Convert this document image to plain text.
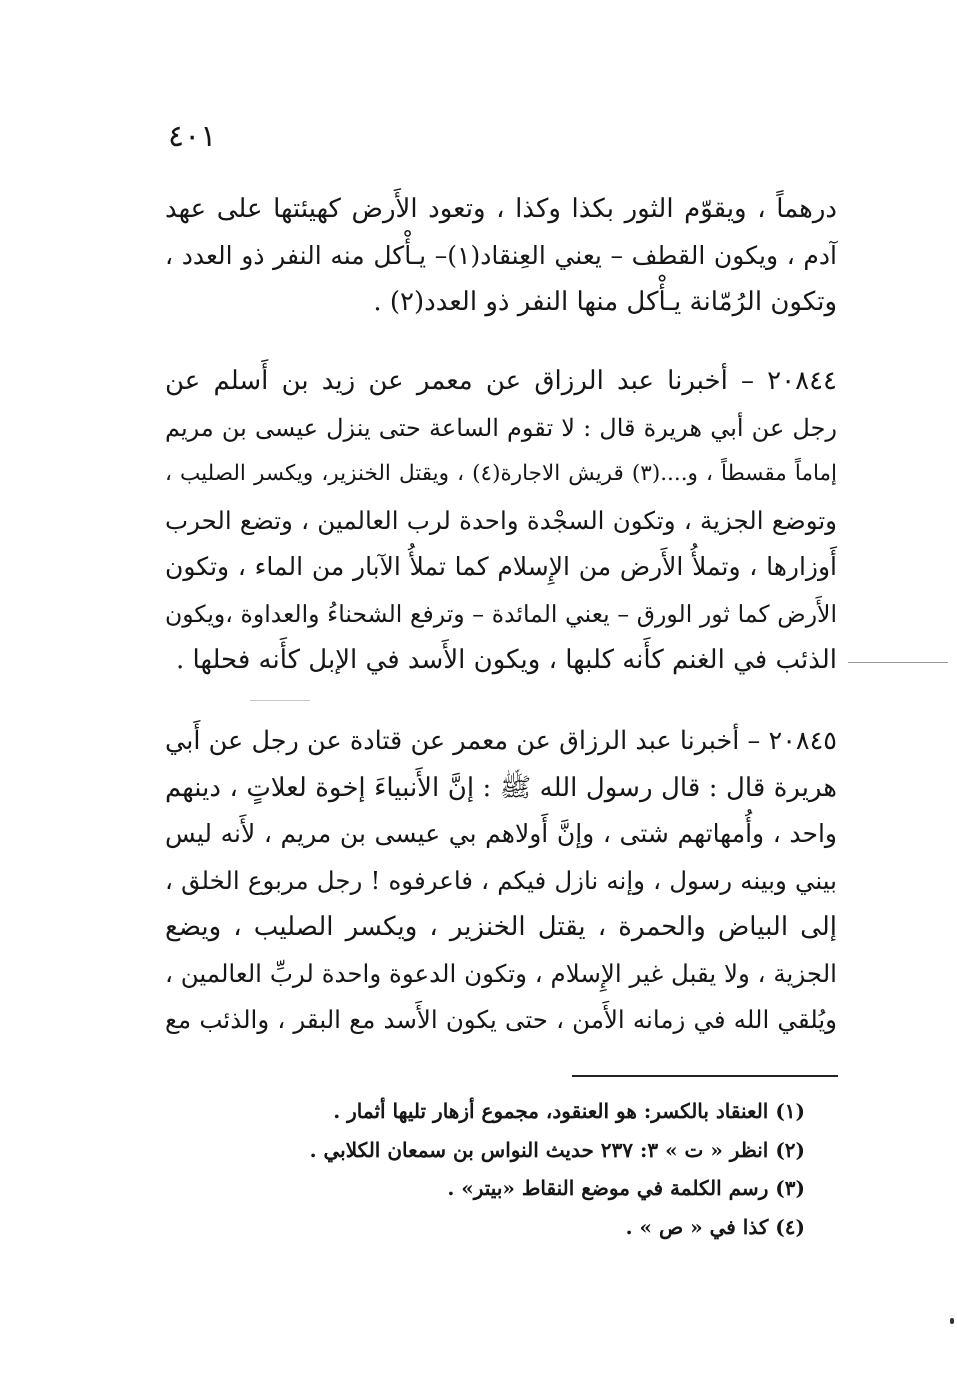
٤٠١
درهماً ، ويقوّم الثور بكذا وكذا ، وتعود الأَرض كهيئتها على عهد
آدم ، ويكون القطف – يعني العِنقاد(١)– يـأْكل منه النفر ذو العدد ،
وتكون الرُمّانة يـأْكل منها النفر ذو العدد(٢) .
٢٠٨٤٤ – أخبرنا عبد الرزاق عن معمر عن زيد بن أَسلم عن
رجل عن أبي هريرة قال : لا تقوم الساعة حتى ينزل عيسى بن مريم
إماماً مقسطاً ، و....(٣) قريش الاجارة(٤) ، ويقتل الخنزير، ويكسر الصليب ،
وتوضع الجزية ، وتكون السجْدة واحدة لرب العالمين ، وتضع الحرب
أَوزارها ، وتملأُ الأَرض من الإِسلام كما تملأُ الآبار من الماء ، وتكون
الأَرض كما ثور الورق – يعني المائدة – وترفع الشحناءُ والعداوة ،ويكون
الذئب في الغنم كأَنه كلبها ، ويكون الأَسد في الإبل كأَنه فحلها .
٢٠٨٤٥ – أخبرنا عبد الرزاق عن معمر عن قتادة عن رجل عن أَبي
هريرة قال : قال رسول الله ﷺ : إنَّ الأَنبياءَ إخوة لعلاتٍ ، دينهم
واحد ، وأُمهاتهم شتى ، وإنَّ أَولاهم بي عيسى بن مريم ، لأَنه ليس
بيني وبينه رسول ، وإنه نازل فيكم ، فاعرفوه ! رجل مربوع الخلق ،
إلى البياض والحمرة ، يقتل الخنزير ، ويكسر الصليب ، ويضع
الجزية ، ولا يقبل غير الإِسلام ، وتكون الدعوة واحدة لربِّ العالمين ،
ويُلقي الله في زمانه الأَمن ، حتى يكون الأَسد مع البقر ، والذئب مع
(١) العنقاد بالكسر: هو العنقود، مجموع أزهار تليها أثمار .
(٢) انظر « ت » ٣: ٢٣٧ حديث النواس بن سمعان الكلابي .
(٣) رسم الكلمة في موضع النقاط «بيتر» .
(٤) كذا في « ص » .
